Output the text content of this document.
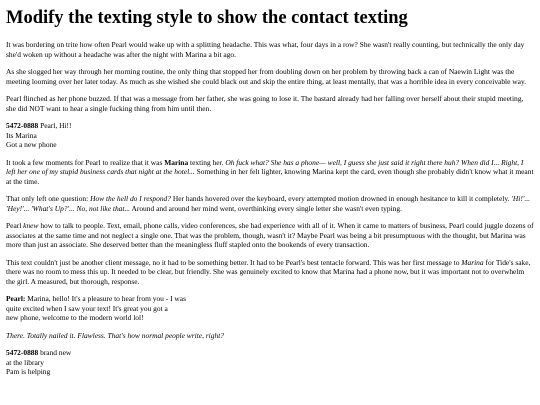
Modify the texting style to show the contact texting

It was bordering on trite how often Pearl would wake up with a splitting headache. This was what, four days in a row? She wasn't really counting, but technically the only day she'd woken up without a headache was after the night with Marina a bit ago.

As she slogged her way through her morning routine, the only thing that stopped her from doubling down on her problem by throwing back a can of Naewin Light was the meeting looming over her later today. As much as she wished she could black out and skip the entire thing, at least mentally, that was a horrible idea in every conceivable way.

Pearl flinched as her phone buzzed. If that was a message from her father, she was going to lose it. The bastard already had her falling over herself about their stupid meeting, she did NOT want to hear a single fucking thing from him until then.

5472-0888 Pearl, Hi!!
Its Marina
Got a new phone

It took a few moments for Pearl to realize that it was Marina texting her. Oh fuck what? She has a phone— well, I guess she just said it right there huh? When did I... Right, I left her one of my stupid business cards that night at the hotel... Something in her felt lighter, knowing Marina kept the card, even though she probably didn't know what it meant at the time.

That only left one question: How the hell do I respond? Her hands hovered over the keyboard, every attempted motion drowned in enough hesitance to kill it completely. 'Hi!'... 'Hey!'... 'What's Up?'... No, not like that... Around and around her mind went, overthinking every single letter she wasn't even typing.

Pearl knew how to talk to people. Text, email, phone calls, video conferences, she had experience with all of it. When it came to matters of business, Pearl could juggle dozens of associates at the same time and not neglect a single one. That was the problem, though, wasn't it? Maybe Pearl was being a bit presumptuous with the thought, but Marina was more than just an associate. She deserved better than the meaningless fluff stapled onto the bookends of every transaction.

This text couldn't just be another client message, no it had to be something better. It had to be Pearl's best tentacle forward. This was her first message to Marina for Tide's sake, there was no room to mess this up. It needed to be clear, but friendly. She was genuinely excited to know that Marina had a phone now, but it was important not to overwhelm the girl. A measured, but thorough, response.

Pearl: Marina, hello! It's a pleasure to hear from you - I was
quite excited when I saw your text! It's great you got a
new phone, welcome to the modern world lol!

There. Totally nailed it. Flawless. That's how normal people write, right?

5472-0888 brand new
at the library
Pam is helping
